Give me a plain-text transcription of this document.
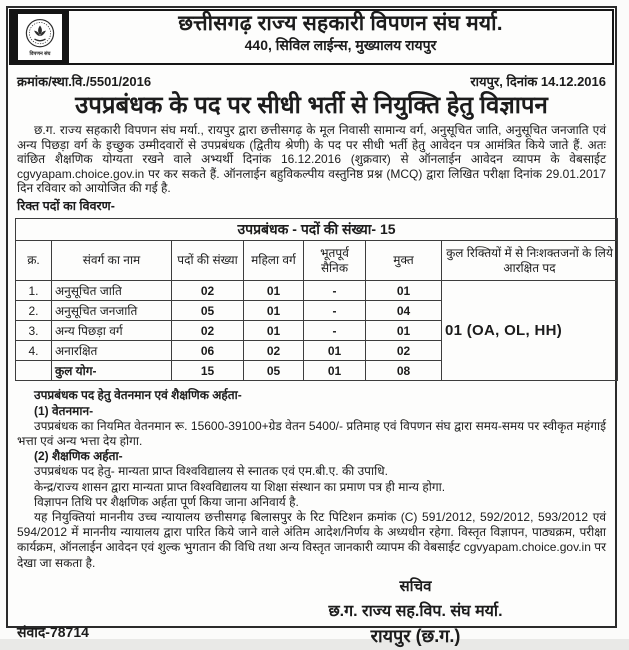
विपणन संघ
छत्तीसगढ़ राज्य सहकारी विपणन संघ मर्या.
440, सिविल लाईन्स, मुख्यालय रायपुर
क्रमांक/स्था.वि./5501/2016	रायपुर, दिनांक 14.12.2016
उपप्रबंधक के पद पर सीधी भर्ती से नियुक्ति हेतु विज्ञापन
छ.ग. राज्य सहकारी विपणन संघ मर्या., रायपुर द्वारा छत्तीसगढ़ के मूल निवासी सामान्य वर्ग, अनुसूचित जाति, अनुसूचित जनजाति एवं अन्य पिछड़ा वर्ग के इच्छुक उम्मीदवारों से उपप्रबंधक (द्वितीय श्रेणी) के पद पर सीधी भर्ती हेतु आवेदन पत्र आमंत्रित किये जाते हैं. अतः वांछित शैक्षणिक योग्यता रखने वाले अभ्यर्थी दिनांक 16.12.2016 (शुक्रवार) से ऑनलाईन आवेदन व्यापम के वेबसाईट cgvyapam.choice.gov.in पर कर सकते हैं. ऑनलाईन बहुविकल्पीय वस्तुनिष्ठ प्रश्न (MCQ) द्वारा लिखित परीक्षा दिनांक 29.01.2017 दिन रविवार को आयोजित की गई है.
रिक्त पदों का विवरण-
उपप्रबंधक - पदों की संख्या- 15						
क्र.	संवर्ग का नाम	पदों की संख्या	महिला वर्ग	भूतपूर्व सैनिक	मुक्त	कुल रिक्तियों में से निःशक्तजनों के लिये आरक्षित पद
1.	अनुसूचित जाति	02	01	-	01	01 (OA, OL, HH)
2.	अनुसूचित जनजाति	05	01	-	04	
3.	अन्य पिछड़ा वर्ग	02	01	-	01	
4.	अनारक्षित	06	02	01	02	
	कुल योग-	15	05	01	08	

उपप्रबंधक पद हेतु वेतनमान एवं शैक्षणिक अर्हता-

(1) वेतनमान-

उपप्रबंधक का नियमित वेतनमान रू. 15600-39100+ग्रेड वेतन 5400/- प्रतिमाह एवं विपणन संघ द्वारा समय-समय पर स्वीकृत महंगाई भत्ता एवं अन्य भत्ता देय होगा.

(2) शैक्षणिक अर्हता-

उपप्रबंधक पद हेतु- मान्यता प्राप्त विश्वविद्यालय से स्नातक एवं एम.बी.ए. की उपाधि.

केन्द्र/राज्य शासन द्वारा मान्यता प्राप्त विश्वविद्यालय या शिक्षा संस्थान का प्रमाण पत्र ही मान्य होगा.

विज्ञापन तिथि पर शैक्षणिक अर्हता पूर्ण किया जाना अनिवार्य है.

यह नियुक्तियां माननीय उच्च न्यायालय छत्तीसगढ़ बिलासपुर के रिट पिटिशन क्रमांक (C) 591/2012, 592/2012, 593/2012 एवं 594/2012 में माननीय न्यायालय द्वारा पारित किये जाने वाले अंतिम आदेश/निर्णय के अध्यधीन रहेगा. विस्तृत विज्ञापन, पाठ्यक्रम, परीक्षा कार्यक्रम, ऑनलाईन आवेदन एवं शुल्क भुगतान की विधि तथा अन्य विस्तृत जानकारी व्यापम की वेबसाईट cgvyapam.choice.gov.in पर देखा जा सकता है.

सचिव
छ.ग. राज्य सह.विप. संघ मर्या.
रायपुर (छ.ग.)
संवाद-78714
